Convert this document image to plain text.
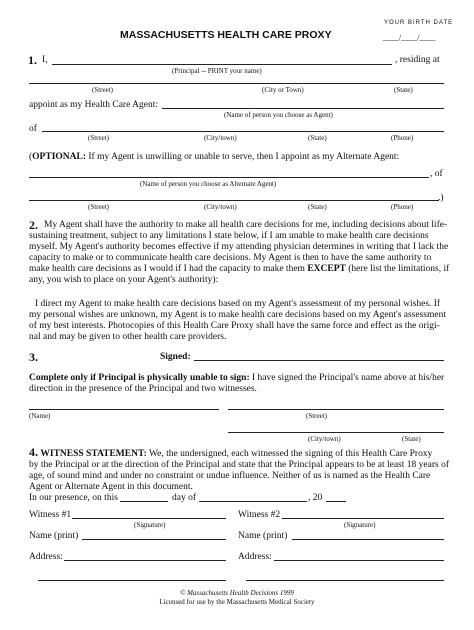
MASSACHUSETTS HEALTH CARE PROXY
YOUR BIRTH DATE
____/____/____
1. I,	, residing at
(Principal -- PRINT your name)
(Street)	(City or Town)	(State)
appoint as my Health Care Agent:
(Name of person you choose as Agent)
of
(Street)	(City/town)	(State)	(Phone)
(OPTIONAL: If my Agent is unwilling or unable to serve, then I appoint as my Alternate Agent:
, of
(Name of person you choose as Alternate Agent)
.)
(Street)	(City/town)	(State)	(Phone)
2. My Agent shall have the authority to make all health care decisions for me, including decisions about life-
sustaining treatment, subject to any limitations I state below, if I am unable to make health care decisions
myself. My Agent's authority becomes effective if my attending physician determines in writing that I lack the
capacity to make or to communicate health care decisions. My Agent is then to have the same authority to
make health care decisions as I would if I had the capacity to make them EXCEPT (here list the limitations, if
any, you wish to place on your Agent's authority):
I direct my Agent to make health care decisions based on my Agent's assessment of my personal wishes. If
my personal wishes are unknown, my Agent is to make health care decisions based on my Agent's assessment
of my best interests. Photocopies of this Health Care Proxy shall have the same force and effect as the origi-
nal and may be given to other health care providers.
3.	Signed:
Complete only if Principal is physically unable to sign: I have signed the Principal's name above at his/her
direction in the presence of the Principal and two witnesses.
(Name)	(Street)
(City/town)	(State)
4. WITNESS STATEMENT: We, the undersigned, each witnessed the signing of this Health Care Proxy
by the Principal or at the direction of the Principal and state that the Principal appears to be at least 18 years of
age, of sound mind and under no constraint or undue influence. Neither of us is named as the Health Care
Agent or Alternate Agent in this document.
In our presence, on this	day of	, 20
Witness #1	Witness #2
(Signature)	(Signature)
Name (print)	Name (print)
Address:	Address:
© Massachusetts Health Decisions 1999
Licensed for use by the Massachusetts Medical Society
